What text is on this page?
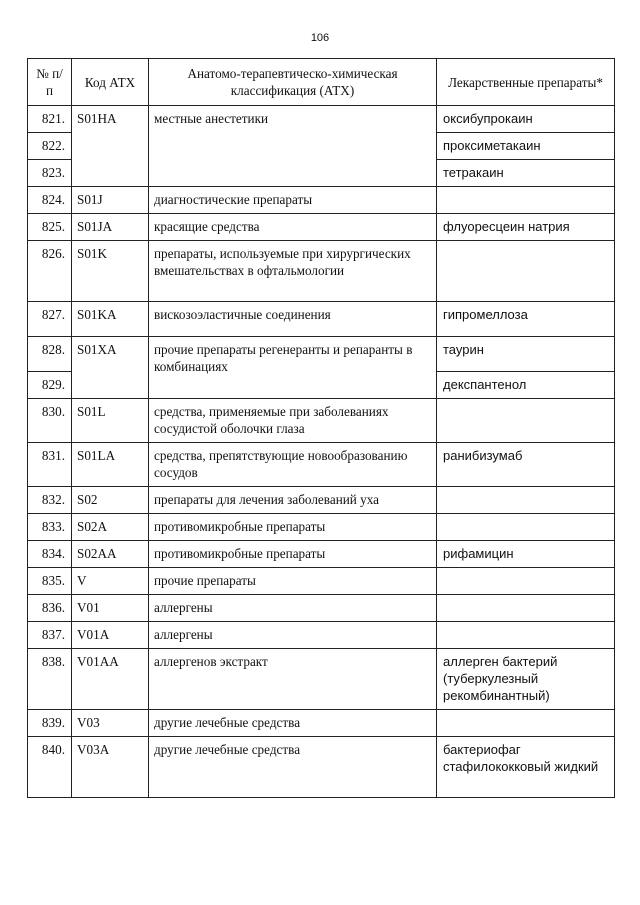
106
№ п/п	Код АТХ	Анатомо-терапевтическо-химическая классификация (АТХ)	Лекарственные препараты*
821.	S01HA	местные анестетики	оксибупрокаин
822.			проксиметакаин
823.			тетракаин
824.	S01J	диагностические препараты	
825.	S01JA	красящие средства	флуоресцеин натрия
826.	S01K	препараты, используемые при хирургических вмешательствах в офтальмологии	
827.	S01KA	вискозоэластичные соединения	гипромеллоза
828.	S01XA	прочие препараты регенеранты и репаранты в комбинациях	таурин
829.			декспантенол
830.	S01L	средства, применяемые при заболеваниях сосудистой оболочки глаза	
831.	S01LA	средства, препятствующие новообразованию сосудов	ранибизумаб
832.	S02	препараты для лечения заболеваний уха	
833.	S02A	противомикробные препараты	
834.	S02AA	противомикробные препараты	рифамицин
835.	V	прочие препараты	
836.	V01	аллергены	
837.	V01A	аллергены	
838.	V01AA	аллергенов экстракт	аллерген бактерий (туберкулезный рекомбинантный)
839.	V03	другие лечебные средства	
840.	V03A	другие лечебные средства	бактериофаг стафилококковый жидкий
